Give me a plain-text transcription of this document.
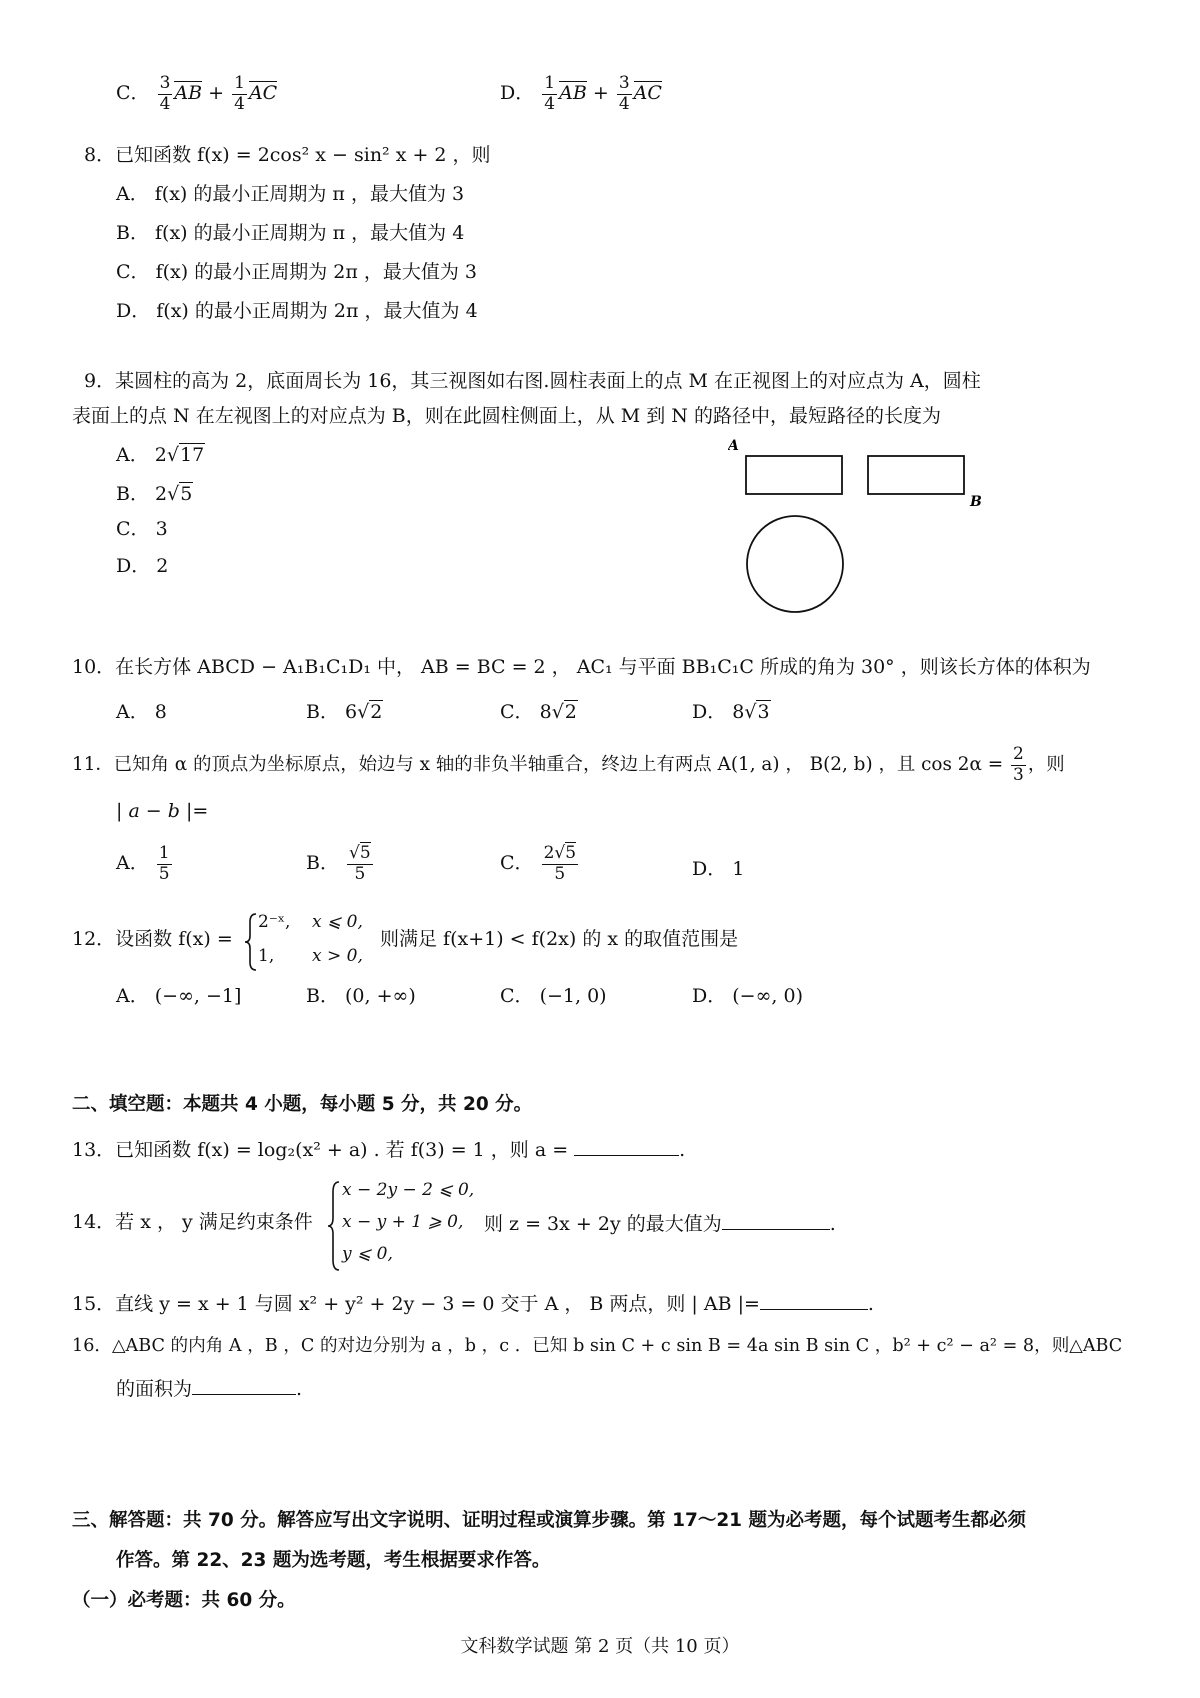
C． $\frac{3}{4}$ AB + $\frac{1}{4}$ AC	D． $\frac{1}{4}$ AB + $\frac{3}{4}$ AC
8．已知函数 f(x) = 2cos² x − sin² x + 2 ，则
A． f(x) 的最小正周期为 π ，最大值为 3
B． f(x) 的最小正周期为 π ，最大值为 4
C． f(x) 的最小正周期为 2π ，最大值为 3
D． f(x) 的最小正周期为 2π ，最大值为 4
9．某圆柱的高为 2，底面周长为 16，其三视图如右图.圆柱表面上的点 M 在正视图上的对应点为 A，圆柱
表面上的点 N 在左视图上的对应点为 B，则在此圆柱侧面上，从 M 到 N 的路径中，最短路径的长度为
A． 2√17
B． 2√5
C． 3
D． 2
A
B
10．在长方体 ABCD − A₁B₁C₁D₁ 中， AB = BC = 2 ， AC₁ 与平面 BB₁C₁C 所成的角为 30° ，则该长方体的体积为
A． 8	B． 6√2	C． 8√2	D． 8√3
11．已知角 α 的顶点为坐标原点，始边与 x 轴的非负半轴重合，终边上有两点 A(1, a) ， B(2, b) ，且 $\cos 2\alpha = \frac{2}{3}$ ，则
| a − b |=
A． $\frac{1}{5}$	B． $\frac{√5}{5}$	C． $\frac{2√5}{5}$	D． 1
12．设函数 f(x) =
2⁻ˣ, x ⩽ 0,
1, x > 0,
则满足 f(x+1) < f(2x) 的 x 的取值范围是
A． (−∞, −1]	B． (0, +∞)	C． (−1, 0)	D． (−∞, 0)
二、填空题：本题共 4 小题，每小题 5 分，共 20 分。
13．已知函数 f(x) = log₂(x² + a) . 若 f(3) = 1 ，则 a =	.
14．若 x ， y 满足约束条件
x − 2y − 2 ⩽ 0,
x − y + 1 ⩾ 0,
y ⩽ 0,
则 z = 3x + 2y 的最大值为	.
15．直线 y = x + 1 与圆 x² + y² + 2y − 3 = 0 交于 A ， B 两点，则 | AB |=	.
16．△ABC 的内角 A ，B ，C 的对边分别为 a ，b ，c ．已知 b sin C + c sin B = 4a sin B sin C ，b² + c² − a² = 8，则△ABC
的面积为	.
三、解答题：共 70 分。解答应写出文字说明、证明过程或演算步骤。第 17～21 题为必考题，每个试题考生都必须
作答。第 22、23 题为选考题，考生根据要求作答。
（一）必考题：共 60 分。
文科数学试题 第 2 页（共 10 页）
